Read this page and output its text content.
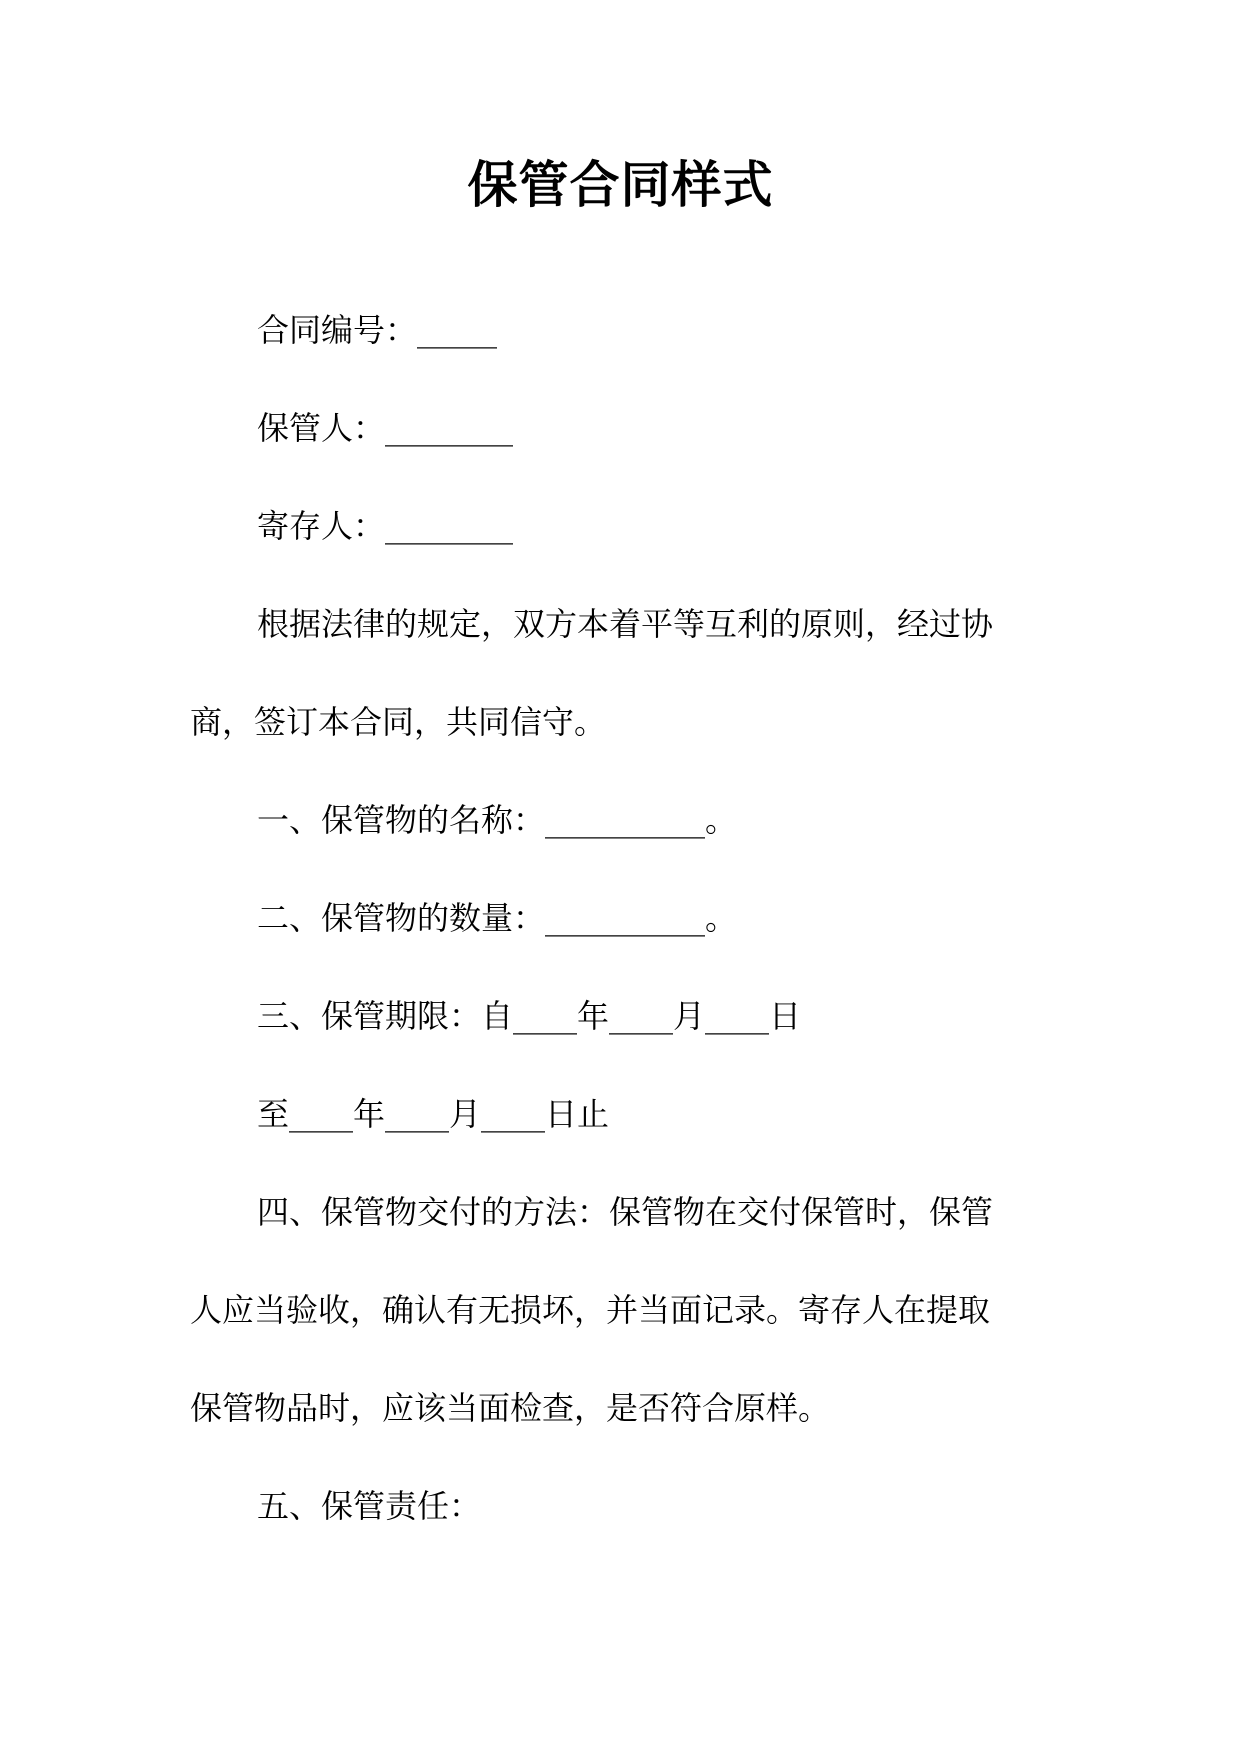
保管合同样式
合同编号：_____
保管人：________
寄存人：________
根据法律的规定，双方本着平等互利的原则，经过协
商，签订本合同，共同信守。
一、保管物的名称：__________。
二、保管物的数量：__________。
三、保管期限：自____年____月____日
至____年____月____日止
四、保管物交付的方法：保管物在交付保管时，保管
人应当验收，确认有无损坏，并当面记录。寄存人在提取
保管物品时，应该当面检查，是否符合原样。
五、保管责任：
